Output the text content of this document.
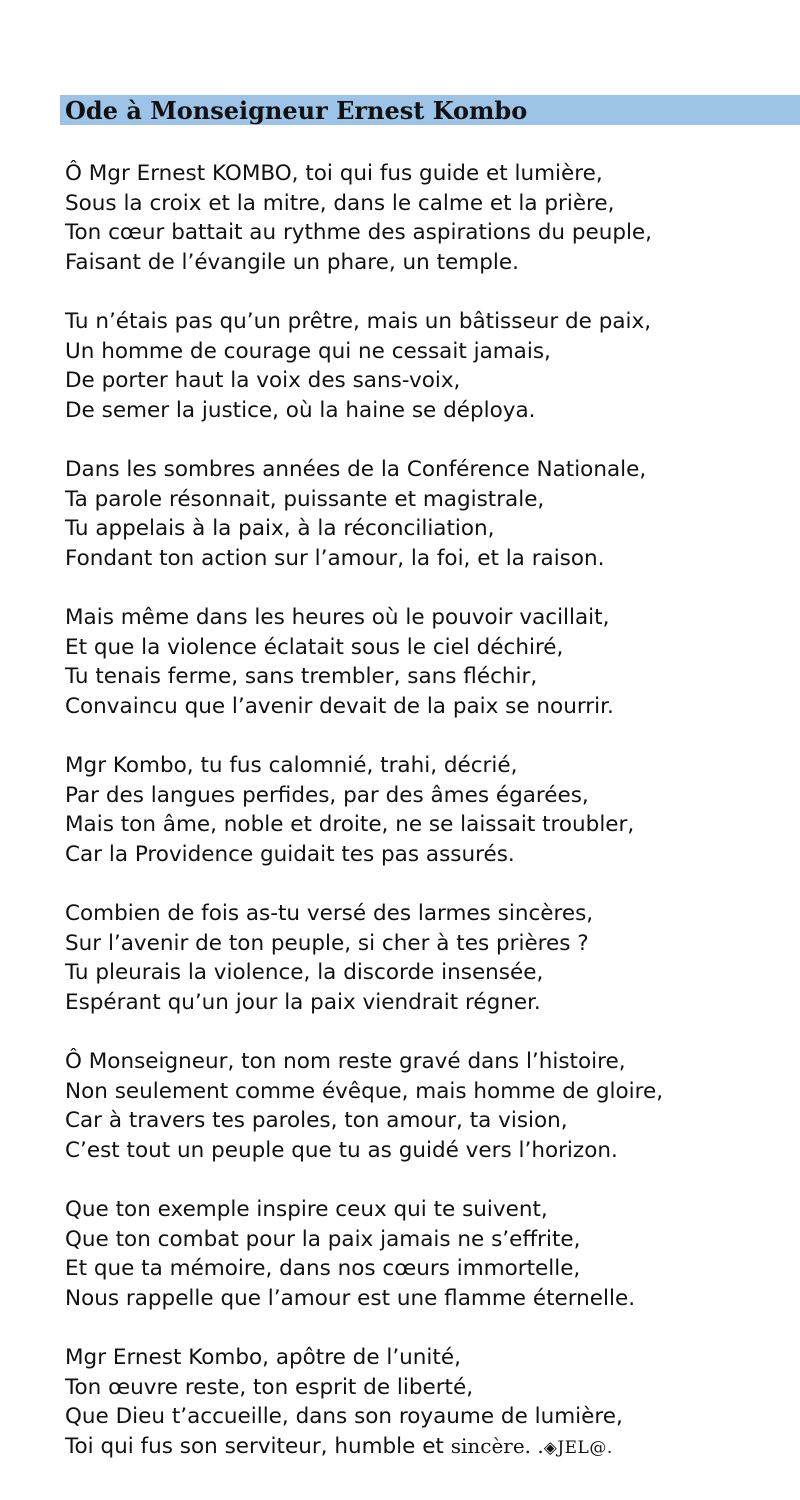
Ode à Monseigneur Ernest Kombo
Ô Mgr Ernest KOMBO, toi qui fus guide et lumière,
Sous la croix et la mitre, dans le calme et la prière,
Ton cœur battait au rythme des aspirations du peuple,
Faisant de l’évangile un phare, un temple.
Tu n’étais pas qu’un prêtre, mais un bâtisseur de paix,
Un homme de courage qui ne cessait jamais,
De porter haut la voix des sans-voix,
De semer la justice, où la haine se déploya.
Dans les sombres années de la Conférence Nationale,
Ta parole résonnait, puissante et magistrale,
Tu appelais à la paix, à la réconciliation,
Fondant ton action sur l’amour, la foi, et la raison.
Mais même dans les heures où le pouvoir vacillait,
Et que la violence éclatait sous le ciel déchiré,
Tu tenais ferme, sans trembler, sans fléchir,
Convaincu que l’avenir devait de la paix se nourrir.
Mgr Kombo, tu fus calomnié, trahi, décrié,
Par des langues perfides, par des âmes égarées,
Mais ton âme, noble et droite, ne se laissait troubler,
Car la Providence guidait tes pas assurés.
Combien de fois as-tu versé des larmes sincères,
Sur l’avenir de ton peuple, si cher à tes prières ?
Tu pleurais la violence, la discorde insensée,
Espérant qu’un jour la paix viendrait régner.
Ô Monseigneur, ton nom reste gravé dans l’histoire,
Non seulement comme évêque, mais homme de gloire,
Car à travers tes paroles, ton amour, ta vision,
C’est tout un peuple que tu as guidé vers l’horizon.
Que ton exemple inspire ceux qui te suivent,
Que ton combat pour la paix jamais ne s’effrite,
Et que ta mémoire, dans nos cœurs immortelle,
Nous rappelle que l’amour est une flamme éternelle.
Mgr Ernest Kombo, apôtre de l’unité,
Ton œuvre reste, ton esprit de liberté,
Que Dieu t’accueille, dans son royaume de lumière,
Toi qui fus son serviteur, humble et sincère. .◈JEL@.
